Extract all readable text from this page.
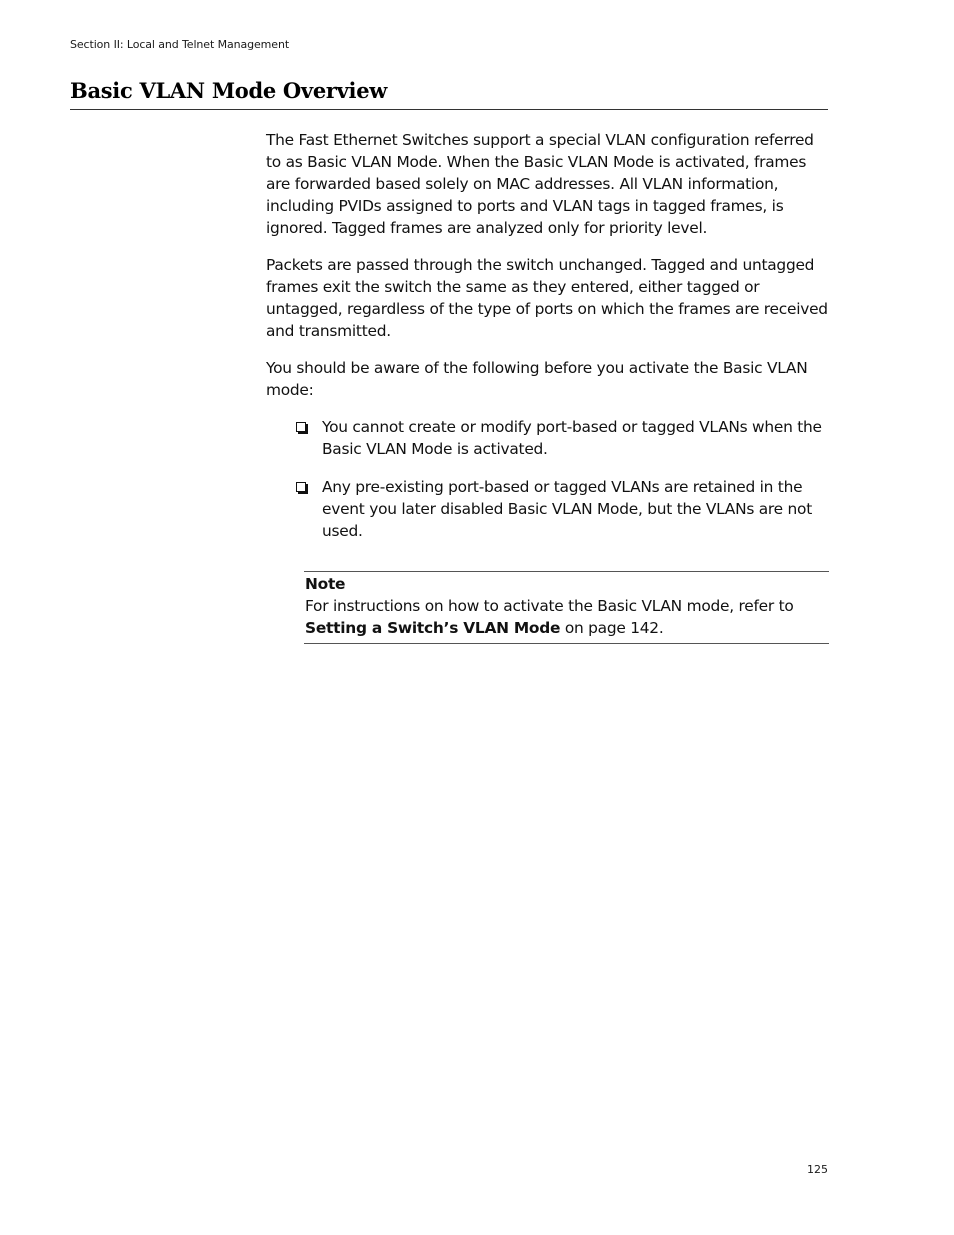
Section II: Local and Telnet Management
Basic VLAN Mode Overview

The Fast Ethernet Switches support a special VLAN configuration referred to as Basic VLAN Mode. When the Basic VLAN Mode is activated, frames are forwarded based solely on MAC addresses. All VLAN information, including PVIDs assigned to ports and VLAN tags in tagged frames, is ignored. Tagged frames are analyzed only for priority level.

Packets are passed through the switch unchanged. Tagged and untagged frames exit the switch the same as they entered, either tagged or untagged, regardless of the type of ports on which the frames are received and transmitted.

You should be aware of the following before you activate the Basic VLAN mode:

You cannot create or modify port-based or tagged VLANs when the Basic VLAN Mode is activated.
Any pre-existing port-based or tagged VLANs are retained in the event you later disabled Basic VLAN Mode, but the VLANs are not used.
Note
For instructions on how to activate the Basic VLAN mode, refer to Setting a Switch’s VLAN Mode on page 142.
125
